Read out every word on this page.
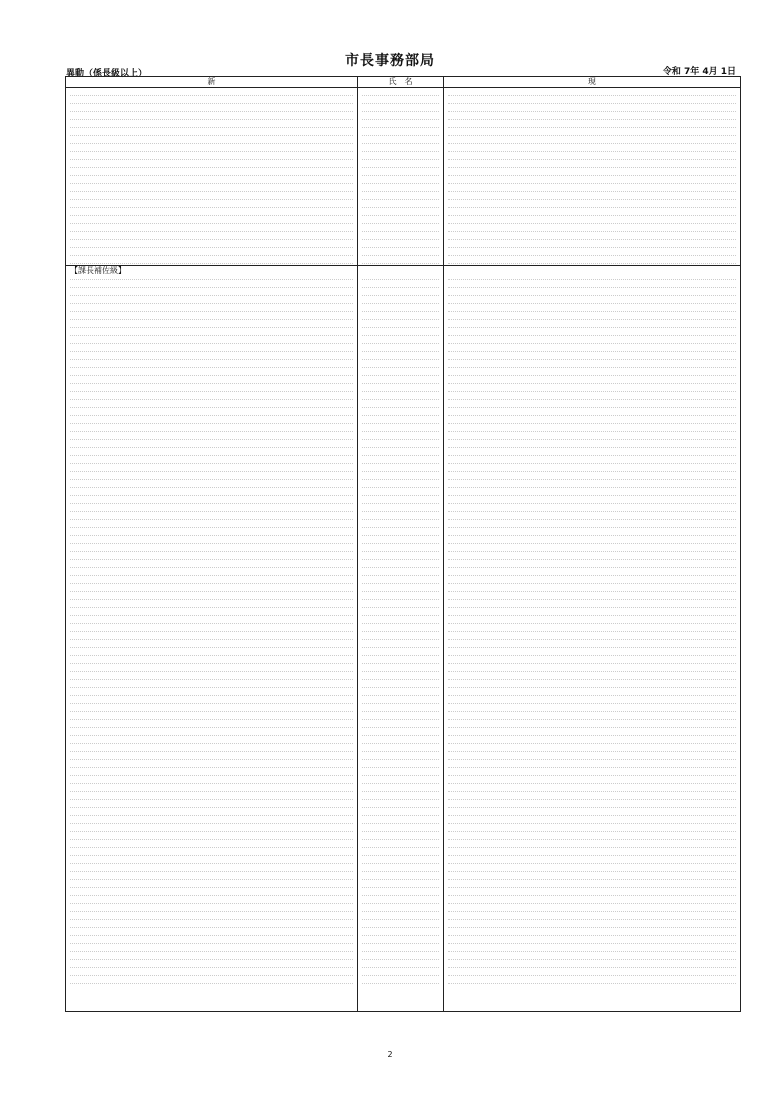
市長事務部局
異動（係長級以上）	令和 7年 4月 1日
新	氏　名	現
【課長補佐級】
2
